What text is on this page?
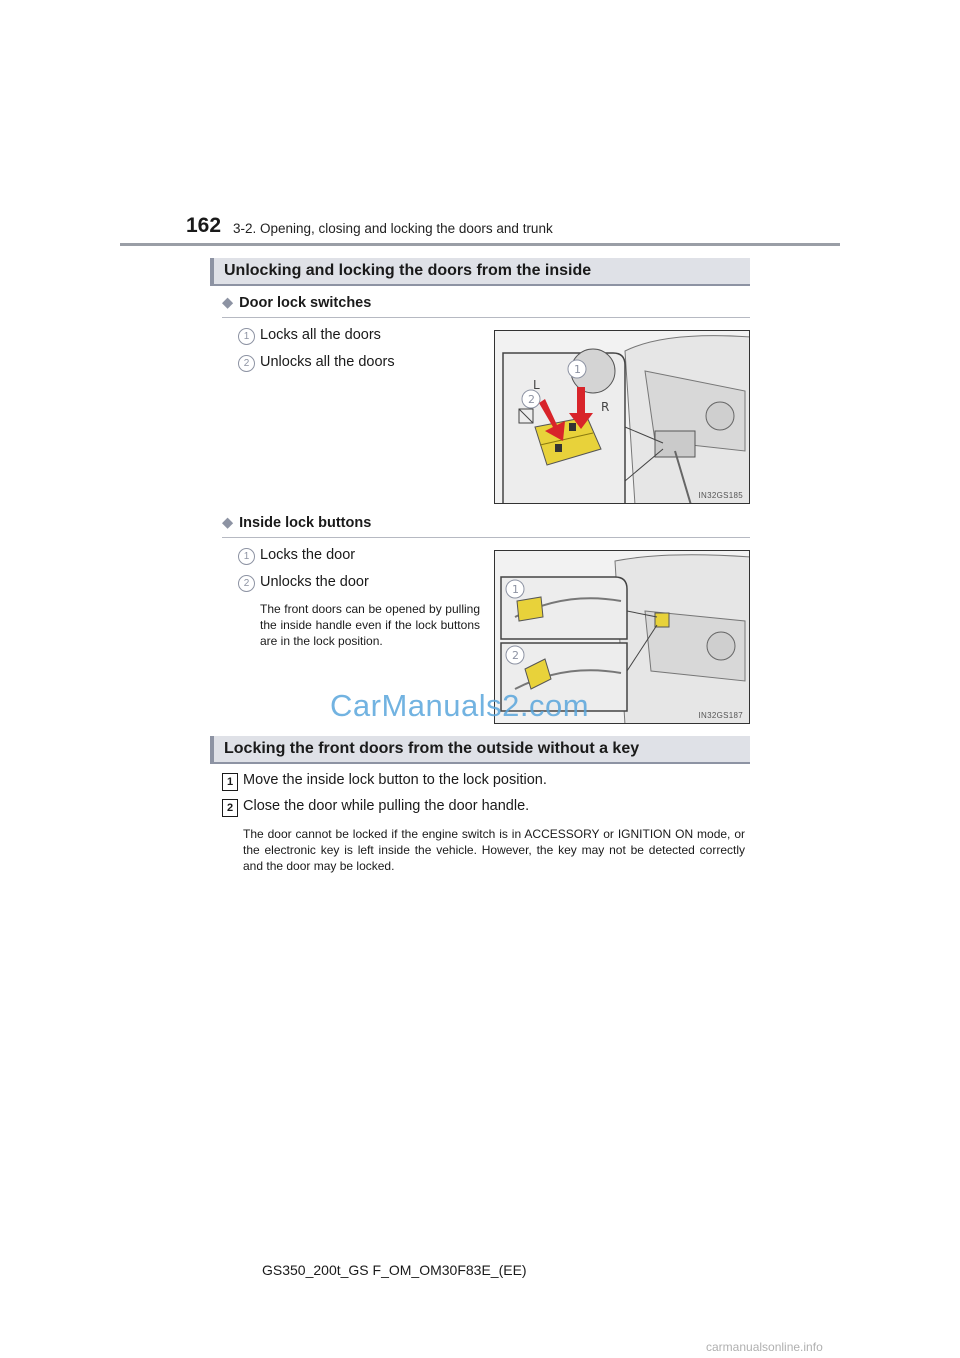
162 3-2. Opening, closing and locking the doors and trunk
Unlocking and locking the doors from the inside
◆ Door lock switches
1 Locks all the doors
2 Unlocks all the doors
L
R
1
2
IN32GS185
◆ Inside lock buttons
1 Locks the door
2 Unlocks the door
The front doors can be opened by pulling the inside handle even if the lock buttons are in the lock position.
1
2
IN32GS187
CarManuals2.com
Locking the front doors from the outside without a key
1 Move the inside lock button to the lock position.
2 Close the door while pulling the door handle.
The door cannot be locked if the engine switch is in ACCESSORY or IGNITION ON mode, or the electronic key is left inside the vehicle. However, the key may not be detected correctly and the door may be locked.
GS350_200t_GS F_OM_OM30F83E_(EE)
carmanualsonline.info
